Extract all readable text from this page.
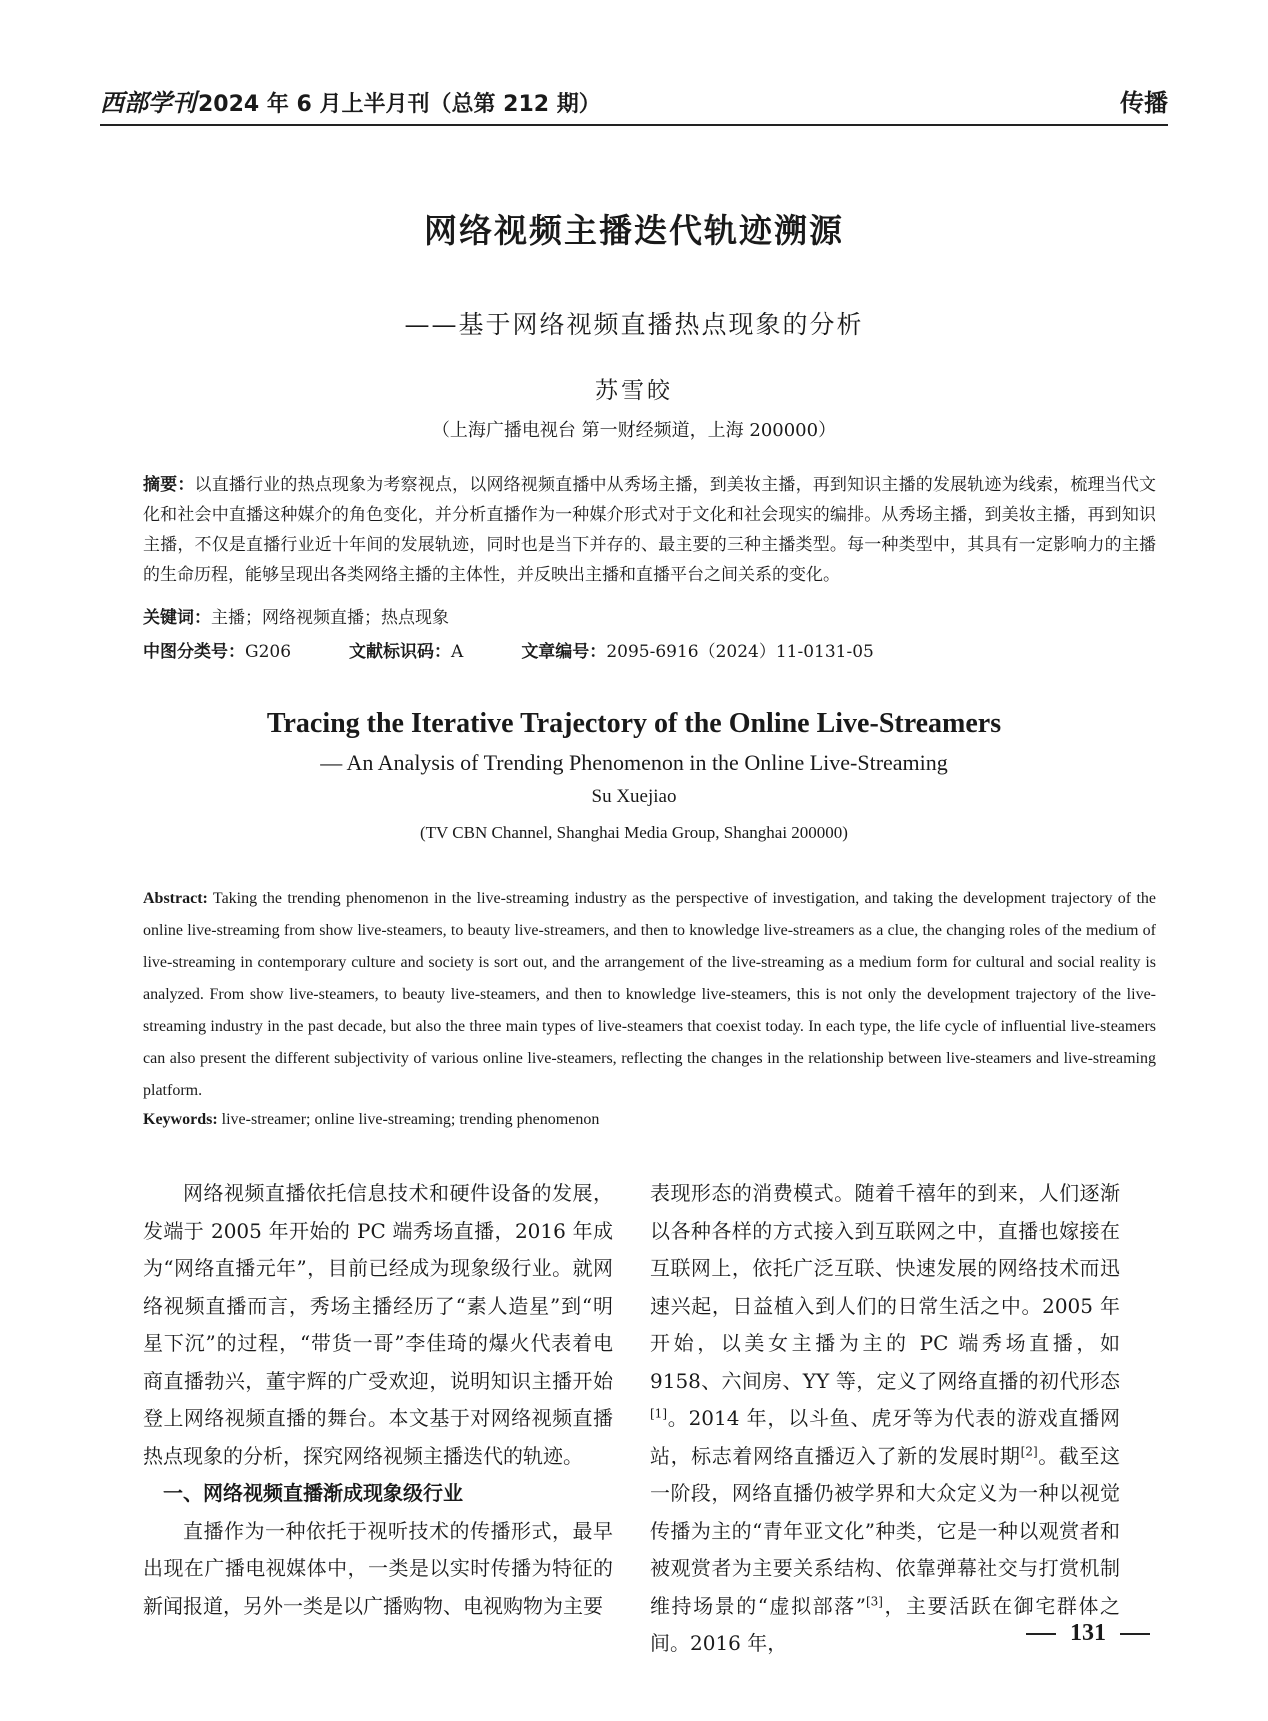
西部学刊2024 年 6 月上半月刊（总第 212 期）	传播
网络视频主播迭代轨迹溯源
——基于网络视频直播热点现象的分析
苏雪皎
（上海广播电视台 第一财经频道，上海 200000）
摘要：以直播行业的热点现象为考察视点，以网络视频直播中从秀场主播，到美妆主播，再到知识主播的发展轨迹为线索，梳理当代文化和社会中直播这种媒介的角色变化，并分析直播作为一种媒介形式对于文化和社会现实的编排。从秀场主播，到美妆主播，再到知识主播，不仅是直播行业近十年间的发展轨迹，同时也是当下并存的、最主要的三种主播类型。每一种类型中，其具有一定影响力的主播的生命历程，能够呈现出各类网络主播的主体性，并反映出主播和直播平台之间关系的变化。
关键词：主播；网络视频直播；热点现象
中图分类号：G206	文献标识码：A	文章编号：2095-6916（2024）11-0131-05
Tracing the Iterative Trajectory of the Online Live-Streamers
— An Analysis of Trending Phenomenon in the Online Live-Streaming
Su Xuejiao
(TV CBN Channel, Shanghai Media Group, Shanghai 200000)
Abstract: Taking the trending phenomenon in the live-streaming industry as the perspective of investigation, and taking the development trajectory of the online live-streaming from show live-steamers, to beauty live-streamers, and then to knowledge live-streamers as a clue, the changing roles of the medium of live-streaming in contemporary culture and society is sort out, and the arrangement of the live-streaming as a medium form for cultural and social reality is analyzed. From show live-steamers, to beauty live-steamers, and then to knowledge live-steamers, this is not only the development trajectory of the live-streaming industry in the past decade, but also the three main types of live-steamers that coexist today. In each type, the life cycle of influential live-steamers can also present the different subjectivity of various online live-steamers, reflecting the changes in the relationship between live-steamers and live-streaming platform.
Keywords: live-streamer; online live-streaming; trending phenomenon

网络视频直播依托信息技术和硬件设备的发展，发端于 2005 年开始的 PC 端秀场直播，2016 年成为“网络直播元年”，目前已经成为现象级行业。就网络视频直播而言，秀场主播经历了“素人造星”到“明星下沉”的过程，“带货一哥”李佳琦的爆火代表着电商直播勃兴，董宇辉的广受欢迎，说明知识主播开始登上网络视频直播的舞台。本文基于对网络视频直播热点现象的分析，探究网络视频主播迭代的轨迹。

一、网络视频直播渐成现象级行业

直播作为一种依托于视听技术的传播形式，最早出现在广播电视媒体中，一类是以实时传播为特征的新闻报道，另外一类是以广播购物、电视购物为主要

表现形态的消费模式。随着千禧年的到来，人们逐渐以各种各样的方式接入到互联网之中，直播也嫁接在互联网上，依托广泛互联、快速发展的网络技术而迅速兴起，日益植入到人们的日常生活之中。2005 年开始，以美女主播为主的 PC 端秀场直播，如 9158、六间房、YY 等，定义了网络直播的初代形态[1]。2014 年，以斗鱼、虎牙等为代表的游戏直播网站，标志着网络直播迈入了新的发展时期[2]。截至这一阶段，网络直播仍被学界和大众定义为一种以视觉传播为主的“青年亚文化”种类，它是一种以观赏者和被观赏者为主要关系结构、依靠弹幕社交与打赏机制维持场景的“虚拟部落”[3]，主要活跃在御宅群体之间。2016 年，	131
